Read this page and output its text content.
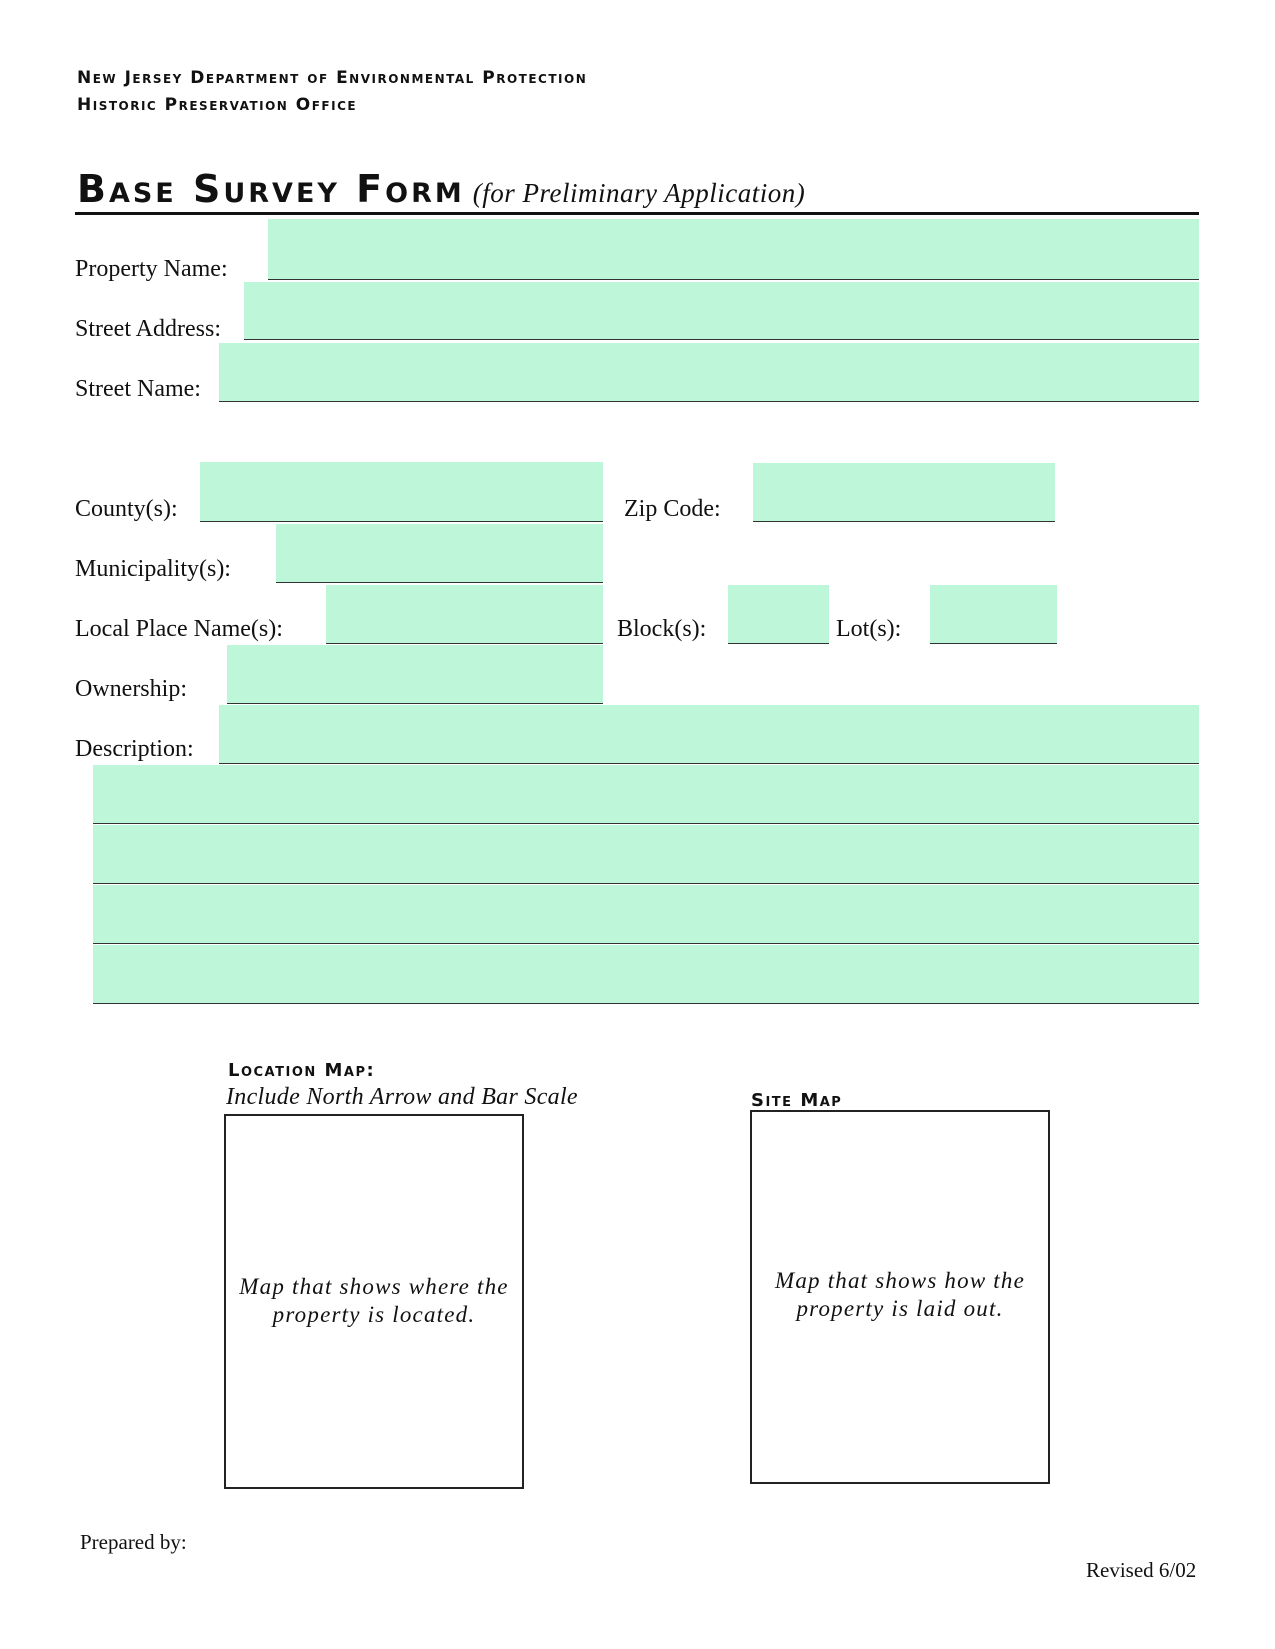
New Jersey Department of Environmental Protection
Historic Preservation Office
Base Survey Form (for Preliminary Application)
Property Name:
Street Address:
Street Name:
County(s):	Zip Code:
Municipality(s):
Local Place Name(s):	Block(s):	Lot(s):
Ownership:
Description:
Location Map:
Include North Arrow and Bar Scale
Map that shows where the
property is located.
Site Map
Map that shows how the
property is laid out.
Prepared by:
Revised 6/02
